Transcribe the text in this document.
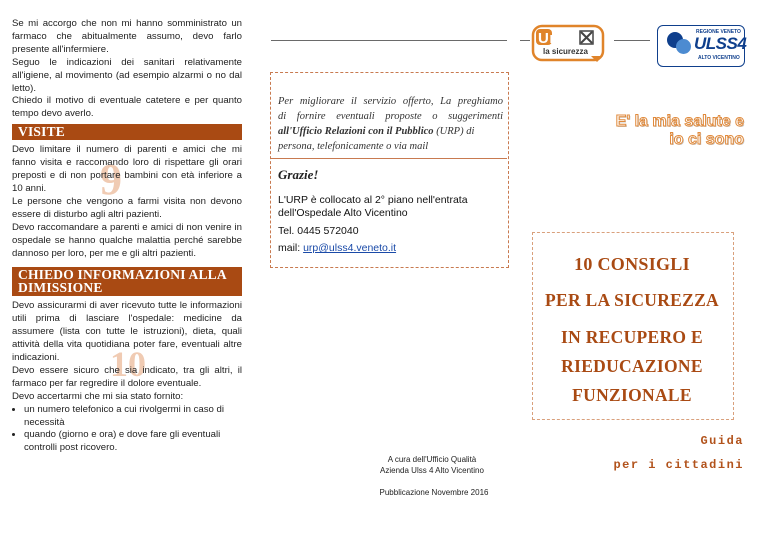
Se mi accorgo che non mi hanno somministrato un farmaco che abitualmente assumo, devo farlo presente all'infermiere.

Seguo le indicazioni dei sanitari relativamente all'igiene, al movimento (ad esempio alzarmi o no dal letto).

Chiedo il motivo di eventuale catetere e per quanto tempo devo averlo.

VISITE
9

Devo limitare il numero di parenti e amici che mi fanno visita e raccomando loro di rispettare gli orari preposti e di non portare bambini con età inferiore a 10 anni.

Le persone che vengono a farmi visita non devono essere di disturbo agli altri pazienti.

Devo raccomandare a parenti e amici di non venire in ospedale se hanno qualche malattia perché sarebbe dannoso per loro, per me e gli altri pazienti.

CHIEDO INFORMAZIONI ALLA DIMISSIONE
10

Devo assicurarmi di aver ricevuto tutte le informazioni utili prima di lasciare l'ospedale: medicine da assumere (lista con tutte le istruzioni), dieta, quali attività della vita quotidiana poter fare, eventuali altre indicazioni.

Devo essere sicuro che sia indicato, tra gli altri, il farmaco per far regredire il dolore eventuale.

Devo accertarmi che mi sia stato fornito:

• un numero telefonico a cui rivolgermi in caso di necessità
• quando (giorno e ora) e dove fare gli eventuali controlli post ricovero.
Per migliorare il servizio offerto, La preghiamo
di fornire eventuali proposte o suggerimenti
all'Ufficio Relazioni con il Pubblico (URP) di
persona, telefonicamente o via mail
Grazie!
L'URP è collocato al 2° piano nell'entrata dell'Ospedale Alto Vicentino
Tel. 0445 572040
mail: urp@ulss4.veneto.it
A cura dell'Ufficio Qualità
Azienda Ulss 4 Alto Vicentino
Pubblicazione Novembre 2016
Uniti
la sicurezza
REGIONE VENETO
ULSS4
ALTO VICENTINO
E' la mia salute e
io ci sono
10 CONSIGLI
PER LA SICUREZZA
IN RECUPERO E
RIEDUCAZIONE
FUNZIONALE
Guida
per i cittadini
